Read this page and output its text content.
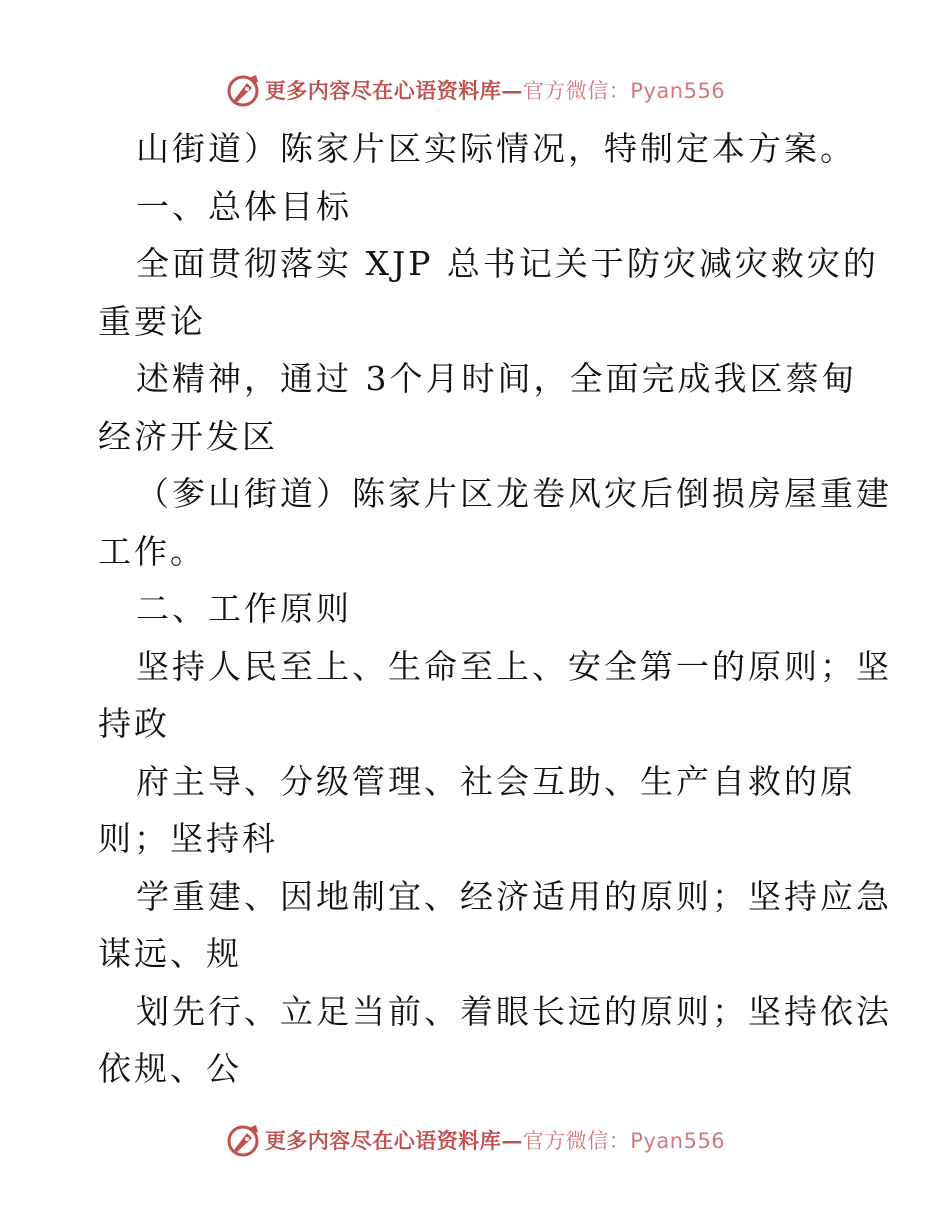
更多内容尽在心语资料库—官方微信：Pyan556
山街道）陈家片区实际情况，特制定本方案。
一、总体目标
全面贯彻落实 XJP 总书记关于防灾减灾救灾的
重要论
述精神，通过 3个月时间，全面完成我区蔡甸
经济开发区
（奓山街道）陈家片区龙卷风灾后倒损房屋重建
工作。
二、工作原则
坚持人民至上、生命至上、安全第一的原则；坚
持政
府主导、分级管理、社会互助、生产自救的原
则；坚持科
学重建、因地制宜、经济适用的原则；坚持应急
谋远、规
划先行、立足当前、着眼长远的原则；坚持依法
依规、公
更多内容尽在心语资料库—官方微信：Pyan556
